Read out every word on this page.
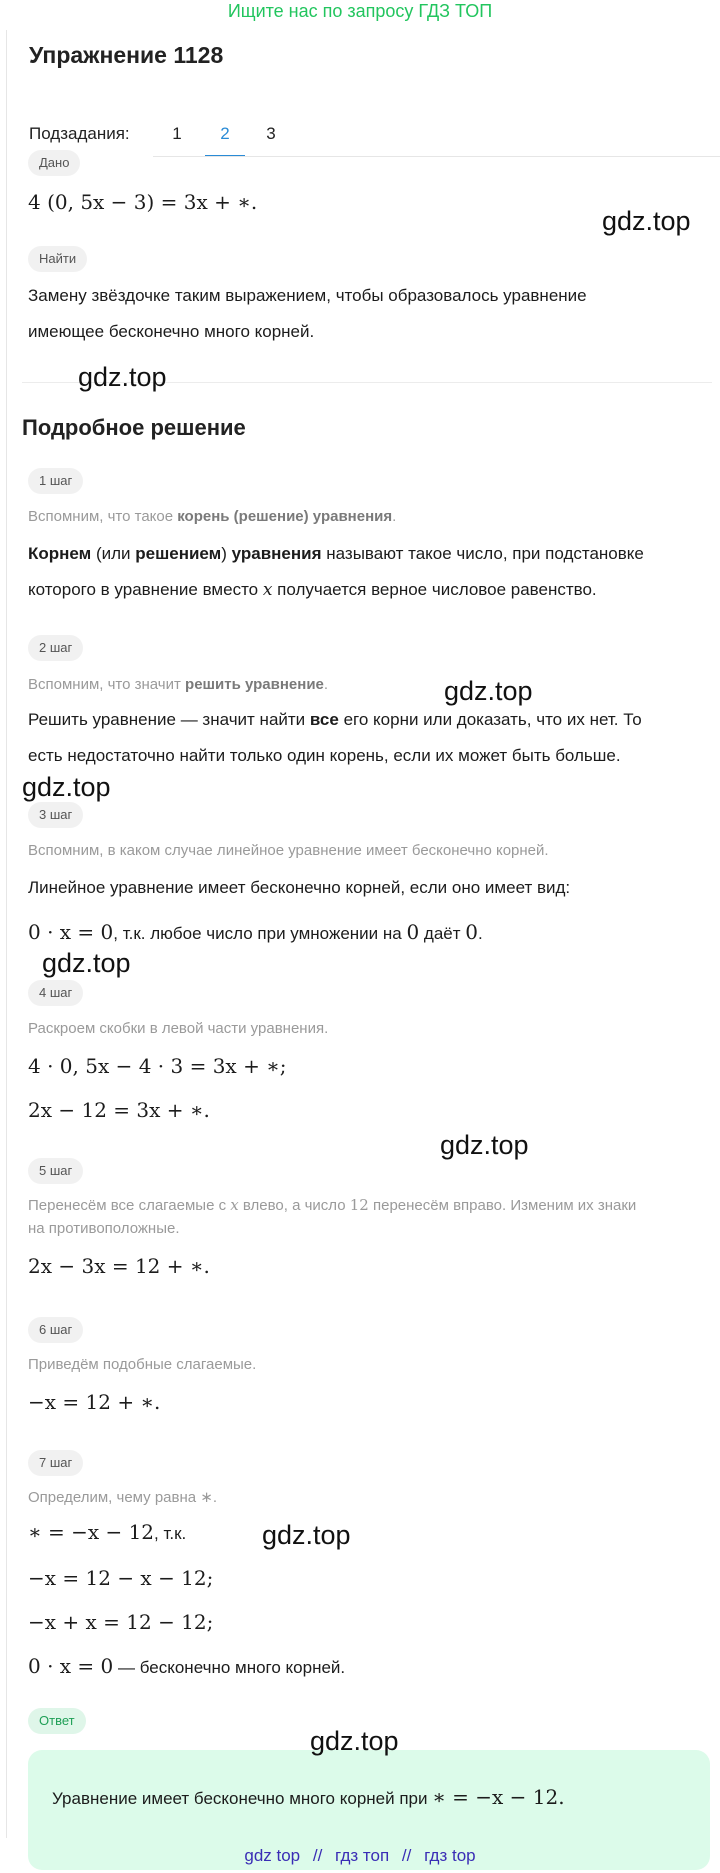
Ищите нас по запросу ГДЗ ТОП
Упражнение 1128
Подзадания:	1	2	3
Дано
4 (0, 5x − 3) = 3x + ∗.
Найти
Замену звёздочке таким выражением, чтобы образовалось уравнение
имеющее бесконечно много корней.
Подробное решение
1 шаг
Вспомним, что такое корень (решение) уравнения.
Корнем (или решением) уравнения называют такое число, при подстановке
которого в уравнение вместо x получается верное числовое равенство.
2 шаг
Вспомним, что значит решить уравнение.
Решить уравнение — значит найти все его корни или доказать, что их нет. То
есть недостаточно найти только один корень, если их может быть больше.
3 шаг
Вспомним, в каком случае линейное уравнение имеет бесконечно корней.
Линейное уравнение имеет бесконечно корней, если оно имеет вид:
0 · x = 0, т.к. любое число при умножении на 0 даёт 0.
4 шаг
Раскроем скобки в левой части уравнения.
4 · 0, 5x − 4 · 3 = 3x + ∗;
2x − 12 = 3x + ∗.
5 шаг
Перенесём все слагаемые с x влево, а число 12 перенесём вправо. Изменим их знаки
на противоположные.
2x − 3x = 12 + ∗.
6 шаг
Приведём подобные слагаемые.
−x = 12 + ∗.
7 шаг
Определим, чему равна ∗.
∗ = −x − 12, т.к.
−x = 12 − x − 12;
−x + x = 12 − 12;
0 · x = 0 — бесконечно много корней.
Ответ
Уравнение имеет бесконечно много корней при ∗ = −x − 12.
gdz.top
gdz.top
gdz.top
gdz.top
gdz.top
gdz.top
gdz.top
gdz.top
gdz top // гдз топ // гдз top
